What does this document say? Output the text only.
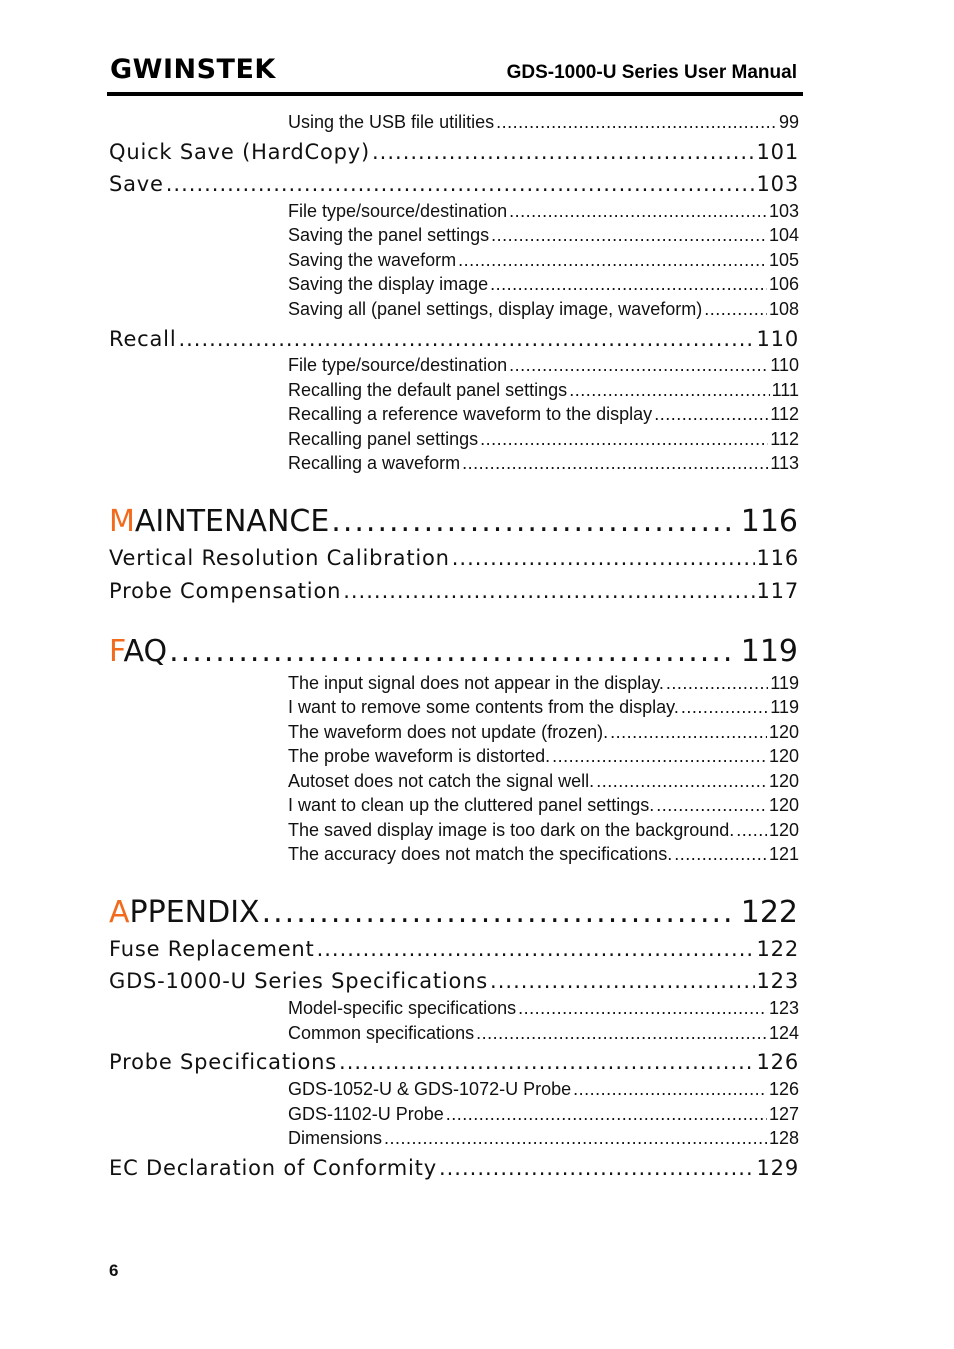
GWINSTEK	GDS-1000-U Series User Manual
Using the USB file utilities .....	99
Quick Save (HardCopy) .....	101
Save .....	103
File type/source/destination .....	103
Saving the panel settings .....	104
Saving the waveform .....	105
Saving the display image .....	106
Saving all (panel settings, display image, waveform) .....	108
Recall .....	110
File type/source/destination .....	110
Recalling the default panel settings .....	111
Recalling a reference waveform to the display .....	112
Recalling panel settings .....	112
Recalling a waveform .....	113
MAINTENANCE .....	116
Vertical Resolution Calibration .....	116
Probe Compensation .....	117
FAQ .....	119
The input signal does not appear in the display. .....	119
I want to remove some contents from the display. .....	119
The waveform does not update (frozen). .....	120
The probe waveform is distorted. .....	120
Autoset does not catch the signal well. .....	120
I want to clean up the cluttered panel settings. .....	120
The saved display image is too dark on the background. ..... 120
The accuracy does not match the specifications. .....	121
APPENDIX .....	122
Fuse Replacement .....	122
GDS-1000-U Series Specifications .....	123
Model-specific specifications .....	123
Common specifications .....	124
Probe Specifications .....	126
GDS-1052-U & GDS-1072-U Probe .....	126
GDS-1102-U Probe .....	127
Dimensions .....	128
EC Declaration of Conformity .....	129
6
